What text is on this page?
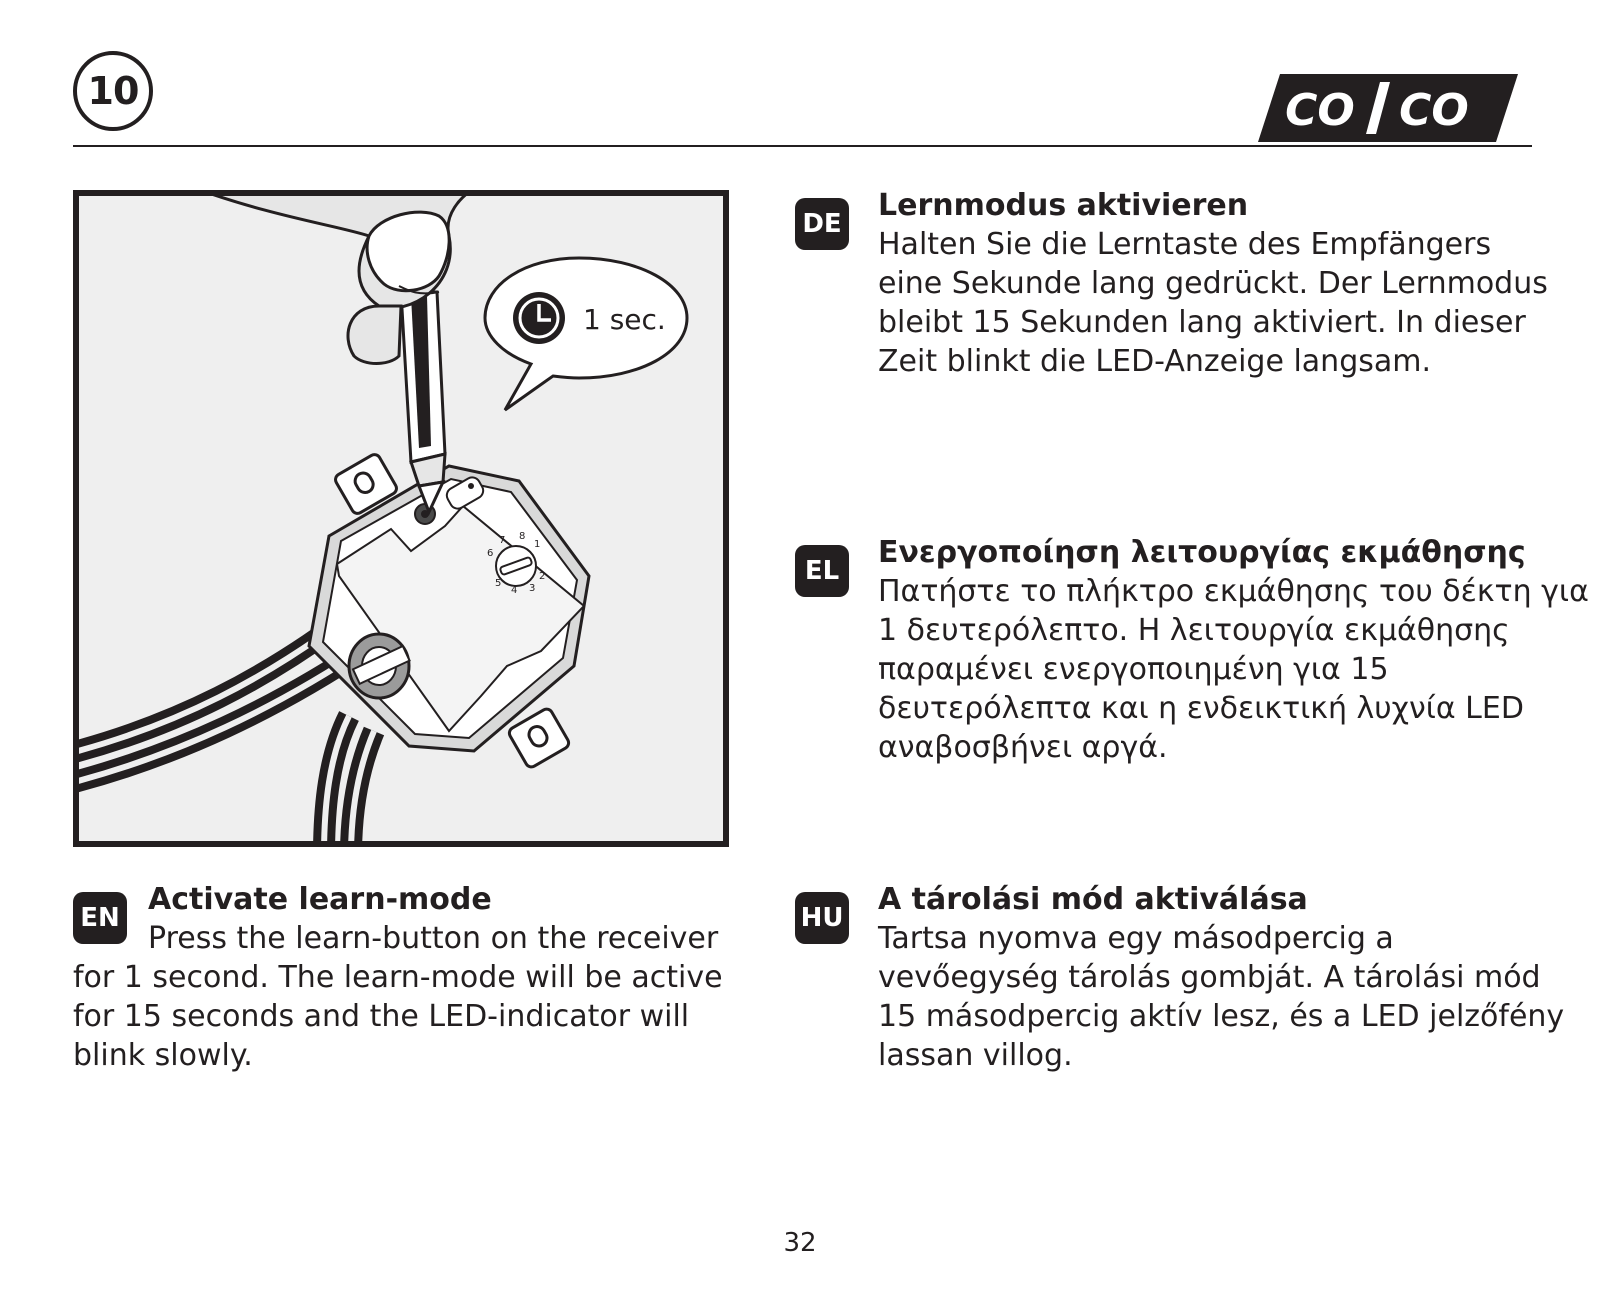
10	CO CO
1
2
3
4
5
6
7 8
1 sec.
DE
Lernmodus aktivieren
Halten Sie die Lerntaste des Empfängers eine Sekunde lang gedrückt. Der Lernmodus bleibt 15 Sekunden lang aktiviert. In dieser Zeit blinkt die LED-Anzeige langsam.
EL
Ενεργοποίηση λειτουργίας εκμάθησης
Πατήστε το πλήκτρο εκμάθησης του δέκτη για 1 δευτερόλεπτο. Η λειτουργία εκμάθησης παραμένει ενεργοποιημένη για 15 δευτερόλεπτα και η ενδεικτική λυχνία LED αναβοσβήνει αργά.
EN
Activate learn-mode
Press the learn-button on the receiver for 1 second. The learn-mode will be active for 15 seconds and the LED-indicator will blink slowly.
HU
A tárolási mód aktiválása
Tartsa nyomva egy másodpercig a vevőegység tárolás gombját. A tárolási mód 15 másodpercig aktív lesz, és a LED jelzőfény lassan villog.
32
